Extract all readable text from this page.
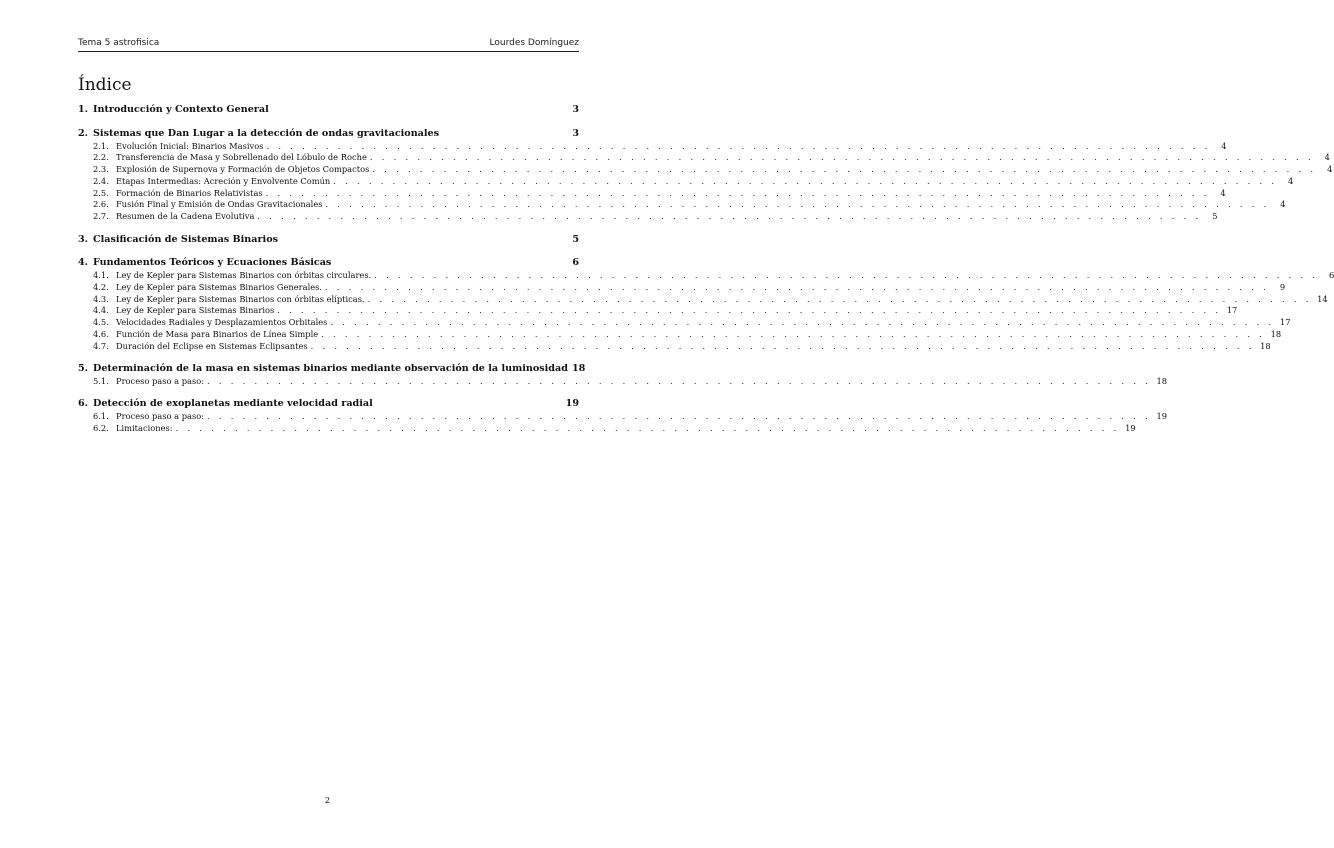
Tema 5 astrofisica	Lourdes Domínguez
Índice
1. Introducción y Contexto General	3
2. Sistemas que Dan Lugar a la detección de ondas gravitacionales	3
2.1. Evolución Inicial: Binarios Masivos . . . . . . . . . . . . . . . . . . . . . . . . . . . . . . . . . . . . . . . . . . . . . . . . . . . . . . . . . . . . . . . . . . . . . . . . . . . . . . . .	4
2.2. Transferencia de Masa y Sobrellenado del Lóbulo de Roche . . . . . . . . . . . . . . . . . . . . . . . . . . . . . . . . . . . . . . . . . . . . . . . . . . . . . . . . . . . . . . . . . . . . . . . . . . . . . . . .	4
2.3. Explosión de Supernova y Formación de Objetos Compactos . . . . . . . . . . . . . . . . . . . . . . . . . . . . . . . . . . . . . . . . . . . . . . . . . . . . . . . . . . . . . . . . . . . . . . . . . . . . . . . .	4
2.4. Etapas Intermedias: Acreción y Envolvente Común . . . . . . . . . . . . . . . . . . . . . . . . . . . . . . . . . . . . . . . . . . . . . . . . . . . . . . . . . . . . . . . . . . . . . . . . . . . . . . . .	4
2.5. Formación de Binarios Relativistas . . . . . . . . . . . . . . . . . . . . . . . . . . . . . . . . . . . . . . . . . . . . . . . . . . . . . . . . . . . . . . . . . . . . . . . . . . . . . . . .	4
2.6. Fusión Final y Emisión de Ondas Gravitacionales . . . . . . . . . . . . . . . . . . . . . . . . . . . . . . . . . . . . . . . . . . . . . . . . . . . . . . . . . . . . . . . . . . . . . . . . . . . . . . . .	4
2.7. Resumen de la Cadena Evolutiva . . . . . . . . . . . . . . . . . . . . . . . . . . . . . . . . . . . . . . . . . . . . . . . . . . . . . . . . . . . . . . . . . . . . . . . . . . . . . . . .	5
3. Clasificación de Sistemas Binarios	5
4. Fundamentos Teóricos y Ecuaciones Básicas	6
4.1. Ley de Kepler para Sistemas Binarios con órbitas circulares. . . . . . . . . . . . . . . . . . . . . . . . . . . . . . . . . . . . . . . . . . . . . . . . . . . . . . . . . . . . . . . . . . . . . . . . . . . . . . . . .	6
4.2. Ley de Kepler para Sistemas Binarios Generales. . . . . . . . . . . . . . . . . . . . . . . . . . . . . . . . . . . . . . . . . . . . . . . . . . . . . . . . . . . . . . . . . . . . . . . . . . . . . . . . .	9
4.3. Ley de Kepler para Sistemas Binarios con órbitas elípticas. . . . . . . . . . . . . . . . . . . . . . . . . . . . . . . . . . . . . . . . . . . . . . . . . . . . . . . . . . . . . . . . . . . . . . . . . . . . . . . . . 14
4.4. Ley de Kepler para Sistemas Binarios . . . . . . . . . . . . . . . . . . . . . . . . . . . . . . . . . . . . . . . . . . . . . . . . . . . . . . . . . . . . . . . . . . . . . . . . . . . . . . . . 17
4.5. Velocidades Radiales y Desplazamientos Orbitales . . . . . . . . . . . . . . . . . . . . . . . . . . . . . . . . . . . . . . . . . . . . . . . . . . . . . . . . . . . . . . . . . . . . . . . . . . . . . . . . 17
4.6. Función de Masa para Binarios de Línea Simple . . . . . . . . . . . . . . . . . . . . . . . . . . . . . . . . . . . . . . . . . . . . . . . . . . . . . . . . . . . . . . . . . . . . . . . . . . . . . . . . 18
4.7. Duración del Eclipse en Sistemas Eclipsantes . . . . . . . . . . . . . . . . . . . . . . . . . . . . . . . . . . . . . . . . . . . . . . . . . . . . . . . . . . . . . . . . . . . . . . . . . . . . . . . . 18
5. Determinación de la masa en sistemas binarios mediante observación de la luminosidad 18
5.1. Proceso paso a paso: . . . . . . . . . . . . . . . . . . . . . . . . . . . . . . . . . . . . . . . . . . . . . . . . . . . . . . . . . . . . . . . . . . . . . . . . . . . . . . . . 18
6. Detección de exoplanetas mediante velocidad radial	19
6.1. Proceso paso a paso: . . . . . . . . . . . . . . . . . . . . . . . . . . . . . . . . . . . . . . . . . . . . . . . . . . . . . . . . . . . . . . . . . . . . . . . . . . . . . . . . 19
6.2. Limitaciones: . . . . . . . . . . . . . . . . . . . . . . . . . . . . . . . . . . . . . . . . . . . . . . . . . . . . . . . . . . . . . . . . . . . . . . . . . . . . . . . . 19
2
